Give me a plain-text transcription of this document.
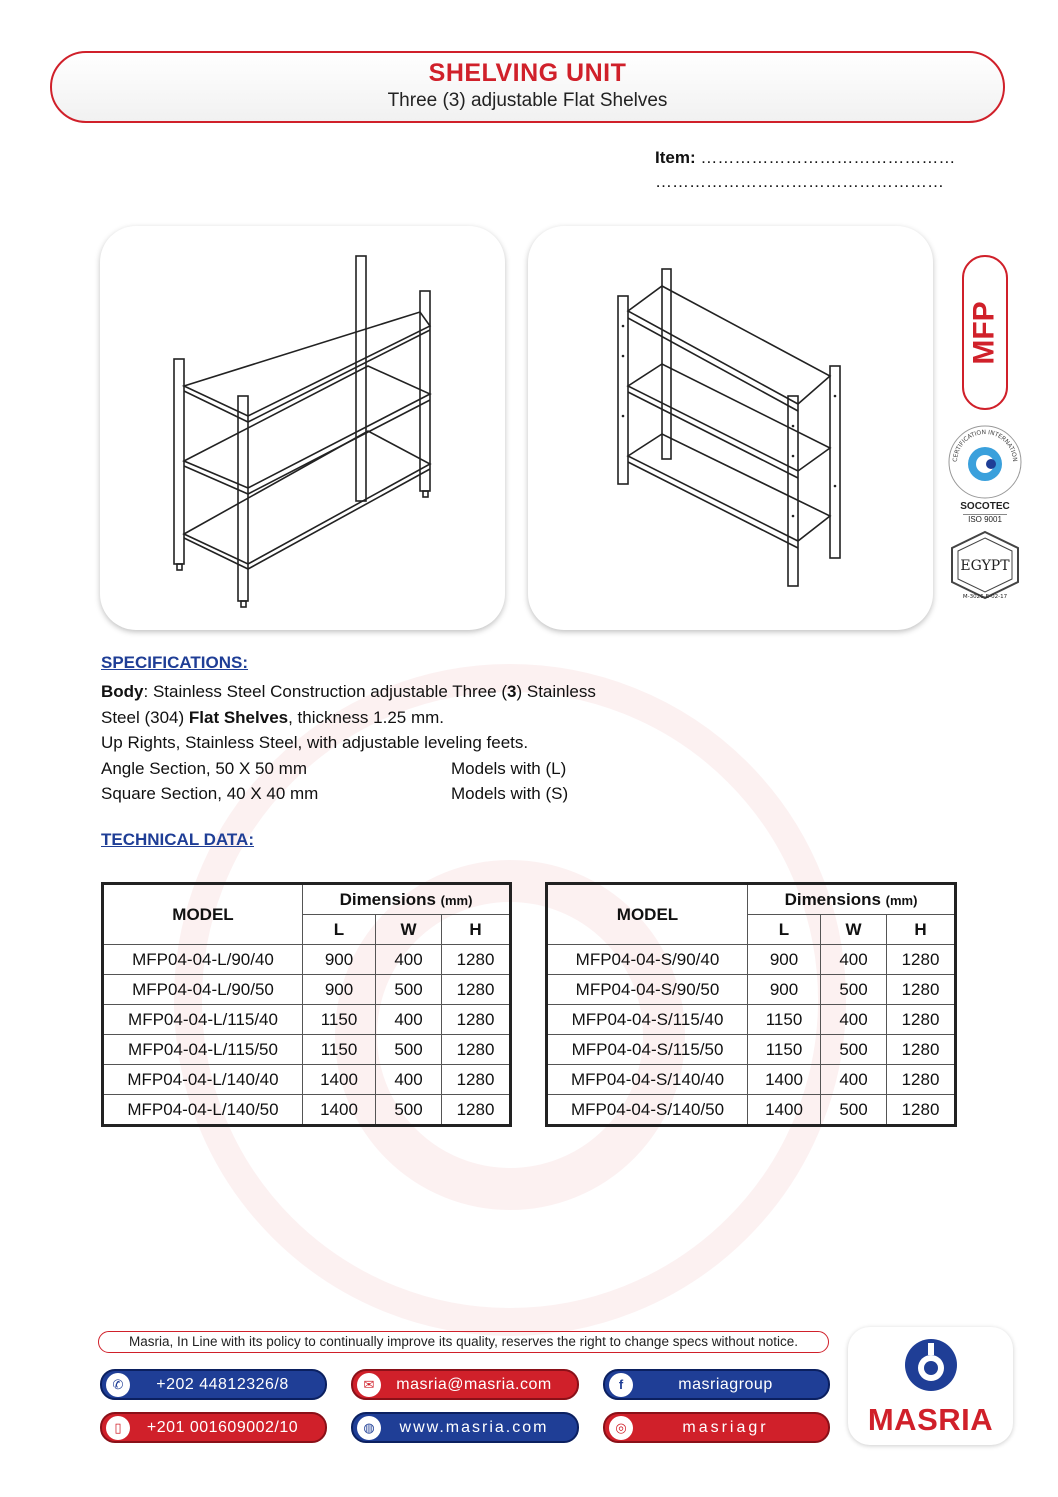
SHELVING UNIT
Three (3) adjustable Flat Shelves
Item: ………………………………………
……………………………………………
MFP
CERTIFICATION INTERNATION
SOCOTEC
ISO 9001
EGYPT
M-3026-E-02-17
SPECIFICATIONS:
Body: Stainless Steel Construction adjustable Three (3) Stainless
Steel (304) Flat Shelves, thickness 1.25 mm.
Up Rights, Stainless Steel, with adjustable leveling feets.
Angle Section, 50 X 50 mm	Models with (L)
Square Section, 40 X 40 mm	Models with (S)
TECHNICAL DATA:
MODEL	Dimensions (mm)		
	L	W	H
MFP04-04-L/90/40	900	400	1280
MFP04-04-L/90/50	900	500	1280
MFP04-04-L/115/40	1150	400	1280
MFP04-04-L/115/50	1150	500	1280
MFP04-04-L/140/40	1400	400	1280
MFP04-04-L/140/50	1400	500	1280
MODEL	Dimensions (mm)		
	L	W	H
MFP04-04-S/90/40	900	400	1280
MFP04-04-S/90/50	900	500	1280
MFP04-04-S/115/40	1150	400	1280
MFP04-04-S/115/50	1150	500	1280
MFP04-04-S/140/40	1400	400	1280
MFP04-04-S/140/50	1400	500	1280
Masria, In Line with its policy to continually improve its quality, reserves the right to change specs without notice.
✆	+202 44812326/8
▯	+201 001609002/10
✉	masria@masria.com
◍	www.masria.com
f	masriagroup
◎	masriagr	MASRIA
